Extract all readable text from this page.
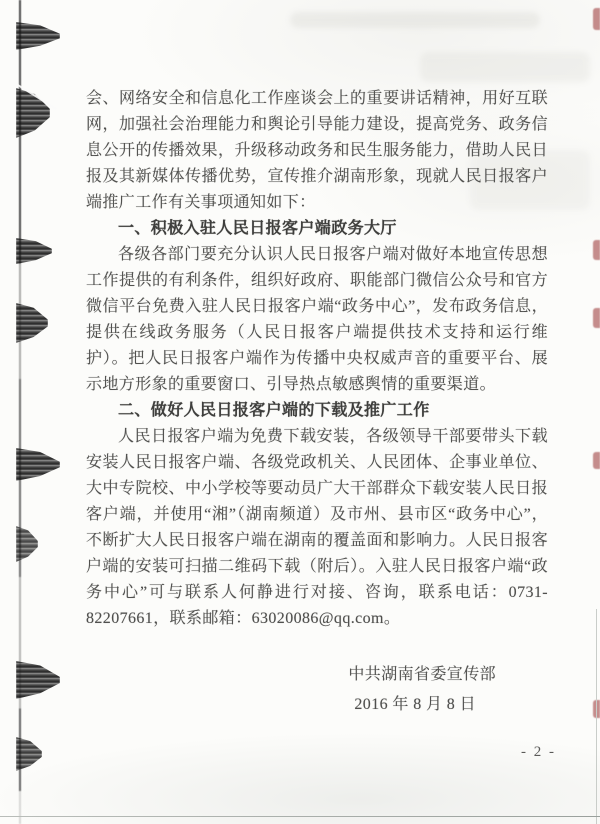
会、网络安全和信息化工作座谈会上的重要讲话精神，用好互联网，加强社会治理能力和舆论引导能力建设，提高党务、政务信息公开的传播效果，升级移动政务和民生服务能力，借助人民日报及其新媒体传播优势，宣传推介湖南形象，现就人民日报客户端推广工作有关事项通知如下：

一、积极入驻人民日报客户端政务大厅

各级各部门要充分认识人民日报客户端对做好本地宣传思想工作提供的有利条件，组织好政府、职能部门微信公众号和官方微信平台免费入驻人民日报客户端“政务中心”，发布政务信息，提供在线政务服务（人民日报客户端提供技术支持和运行维护）。把人民日报客户端作为传播中央权威声音的重要平台、展示地方形象的重要窗口、引导热点敏感舆情的重要渠道。

二、做好人民日报客户端的下载及推广工作

人民日报客户端为免费下载安装，各级领导干部要带头下载安装人民日报客户端、各级党政机关、人民团体、企事业单位、大中专院校、中小学校等要动员广大干部群众下载安装人民日报客户端，并使用“湘”（湖南频道）及市州、县市区“政务中心”，不断扩大人民日报客户端在湖南的覆盖面和影响力。人民日报客户端的安装可扫描二维码下载（附后）。入驻人民日报客户端“政务中心”可与联系人何静进行对接、咨询，联系电话：0731-82207661，联系邮箱：63020086@qq.com。

中共湖南省委宣传部
2016 年 8 月 8 日
- 2 -
